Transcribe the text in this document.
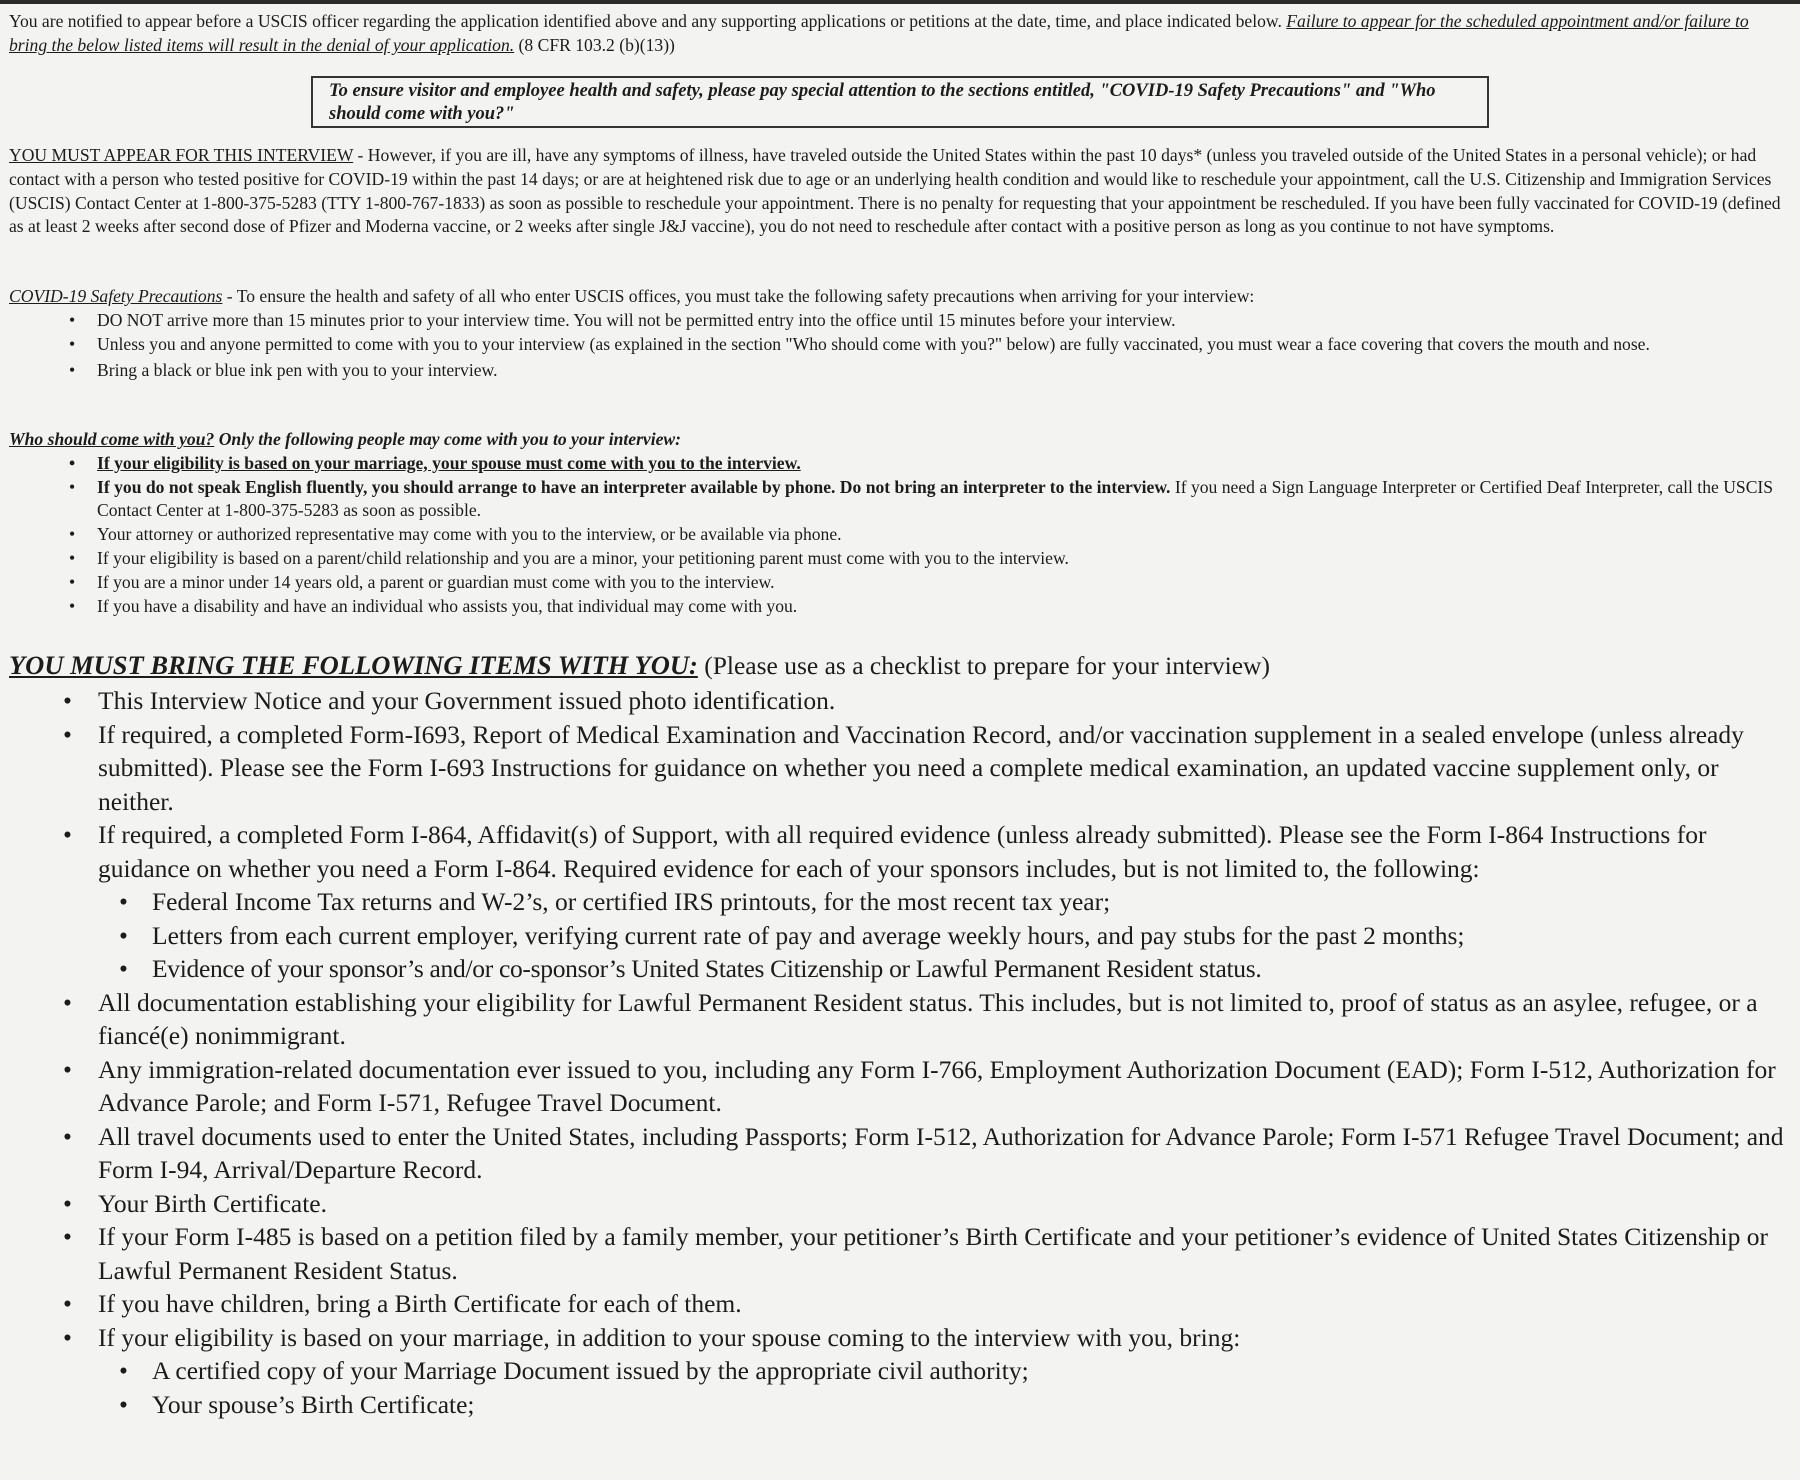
You are notified to appear before a USCIS officer regarding the application identified above and any supporting applications or petitions at the date, time, and place indicated below. Failure to appear for the scheduled appointment and/or failure to bring the below listed items will result in the denial of your application. (8 CFR 103.2 (b)(13))
To ensure visitor and employee health and safety, please pay special attention to the sections entitled, "COVID-19 Safety Precautions" and "Who should come with you?"
YOU MUST APPEAR FOR THIS INTERVIEW - However, if you are ill, have any symptoms of illness, have traveled outside the United States within the past 10 days* (unless you traveled outside of the United States in a personal vehicle); or had contact with a person who tested positive for COVID-19 within the past 14 days; or are at heightened risk due to age or an underlying health condition and would like to reschedule your appointment, call the U.S. Citizenship and Immigration Services (USCIS) Contact Center at 1-800-375-5283 (TTY 1-800-767-1833) as soon as possible to reschedule your appointment. There is no penalty for requesting that your appointment be rescheduled. If you have been fully vaccinated for COVID-19 (defined as at least 2 weeks after second dose of Pfizer and Moderna vaccine, or 2 weeks after single J&J vaccine), you do not need to reschedule after contact with a positive person as long as you continue to not have symptoms.
COVID-19 Safety Precautions - To ensure the health and safety of all who enter USCIS offices, you must take the following safety precautions when arriving for your interview:
• DO NOT arrive more than 15 minutes prior to your interview time. You will not be permitted entry into the office until 15 minutes before your interview.
• Unless you and anyone permitted to come with you to your interview (as explained in the section "Who should come with you?" below) are fully vaccinated, you must wear a face covering that covers the mouth and nose.
• Bring a black or blue ink pen with you to your interview.
Who should come with you? Only the following people may come with you to your interview:
• If your eligibility is based on your marriage, your spouse must come with you to the interview.
• If you do not speak English fluently, you should arrange to have an interpreter available by phone. Do not bring an interpreter to the interview. If you need a Sign Language Interpreter or Certified Deaf Interpreter, call the USCIS Contact Center at 1-800-375-5283 as soon as possible.
• Your attorney or authorized representative may come with you to the interview, or be available via phone.
• If your eligibility is based on a parent/child relationship and you are a minor, your petitioning parent must come with you to the interview.
• If you are a minor under 14 years old, a parent or guardian must come with you to the interview.
• If you have a disability and have an individual who assists you, that individual may come with you.
YOU MUST BRING THE FOLLOWING ITEMS WITH YOU: (Please use as a checklist to prepare for your interview)
• This Interview Notice and your Government issued photo identification.
• If required, a completed Form-I693, Report of Medical Examination and Vaccination Record, and/or vaccination supplement in a sealed envelope (unless already submitted). Please see the Form I-693 Instructions for guidance on whether you need a complete medical examination, an updated vaccine supplement only, or neither.
• If required, a completed Form I-864, Affidavit(s) of Support, with all required evidence (unless already submitted). Please see the Form I-864 Instructions for guidance on whether you need a Form I-864. Required evidence for each of your sponsors includes, but is not limited to, the following:
• Federal Income Tax returns and W-2’s, or certified IRS printouts, for the most recent tax year;
• Letters from each current employer, verifying current rate of pay and average weekly hours, and pay stubs for the past 2 months;
• Evidence of your sponsor’s and/or co-sponsor’s United States Citizenship or Lawful Permanent Resident status.
• All documentation establishing your eligibility for Lawful Permanent Resident status. This includes, but is not limited to, proof of status as an asylee, refugee, or a fiancé(e) nonimmigrant.
• Any immigration-related documentation ever issued to you, including any Form I-766, Employment Authorization Document (EAD); Form I-512, Authorization for Advance Parole; and Form I-571, Refugee Travel Document.
• All travel documents used to enter the United States, including Passports; Form I-512, Authorization for Advance Parole; Form I-571 Refugee Travel Document; and Form I-94, Arrival/Departure Record.
• Your Birth Certificate.
• If your Form I-485 is based on a petition filed by a family member, your petitioner’s Birth Certificate and your petitioner’s evidence of United States Citizenship or Lawful Permanent Resident Status.
• If you have children, bring a Birth Certificate for each of them.
• If your eligibility is based on your marriage, in addition to your spouse coming to the interview with you, bring:
• A certified copy of your Marriage Document issued by the appropriate civil authority;
• Your spouse’s Birth Certificate;
